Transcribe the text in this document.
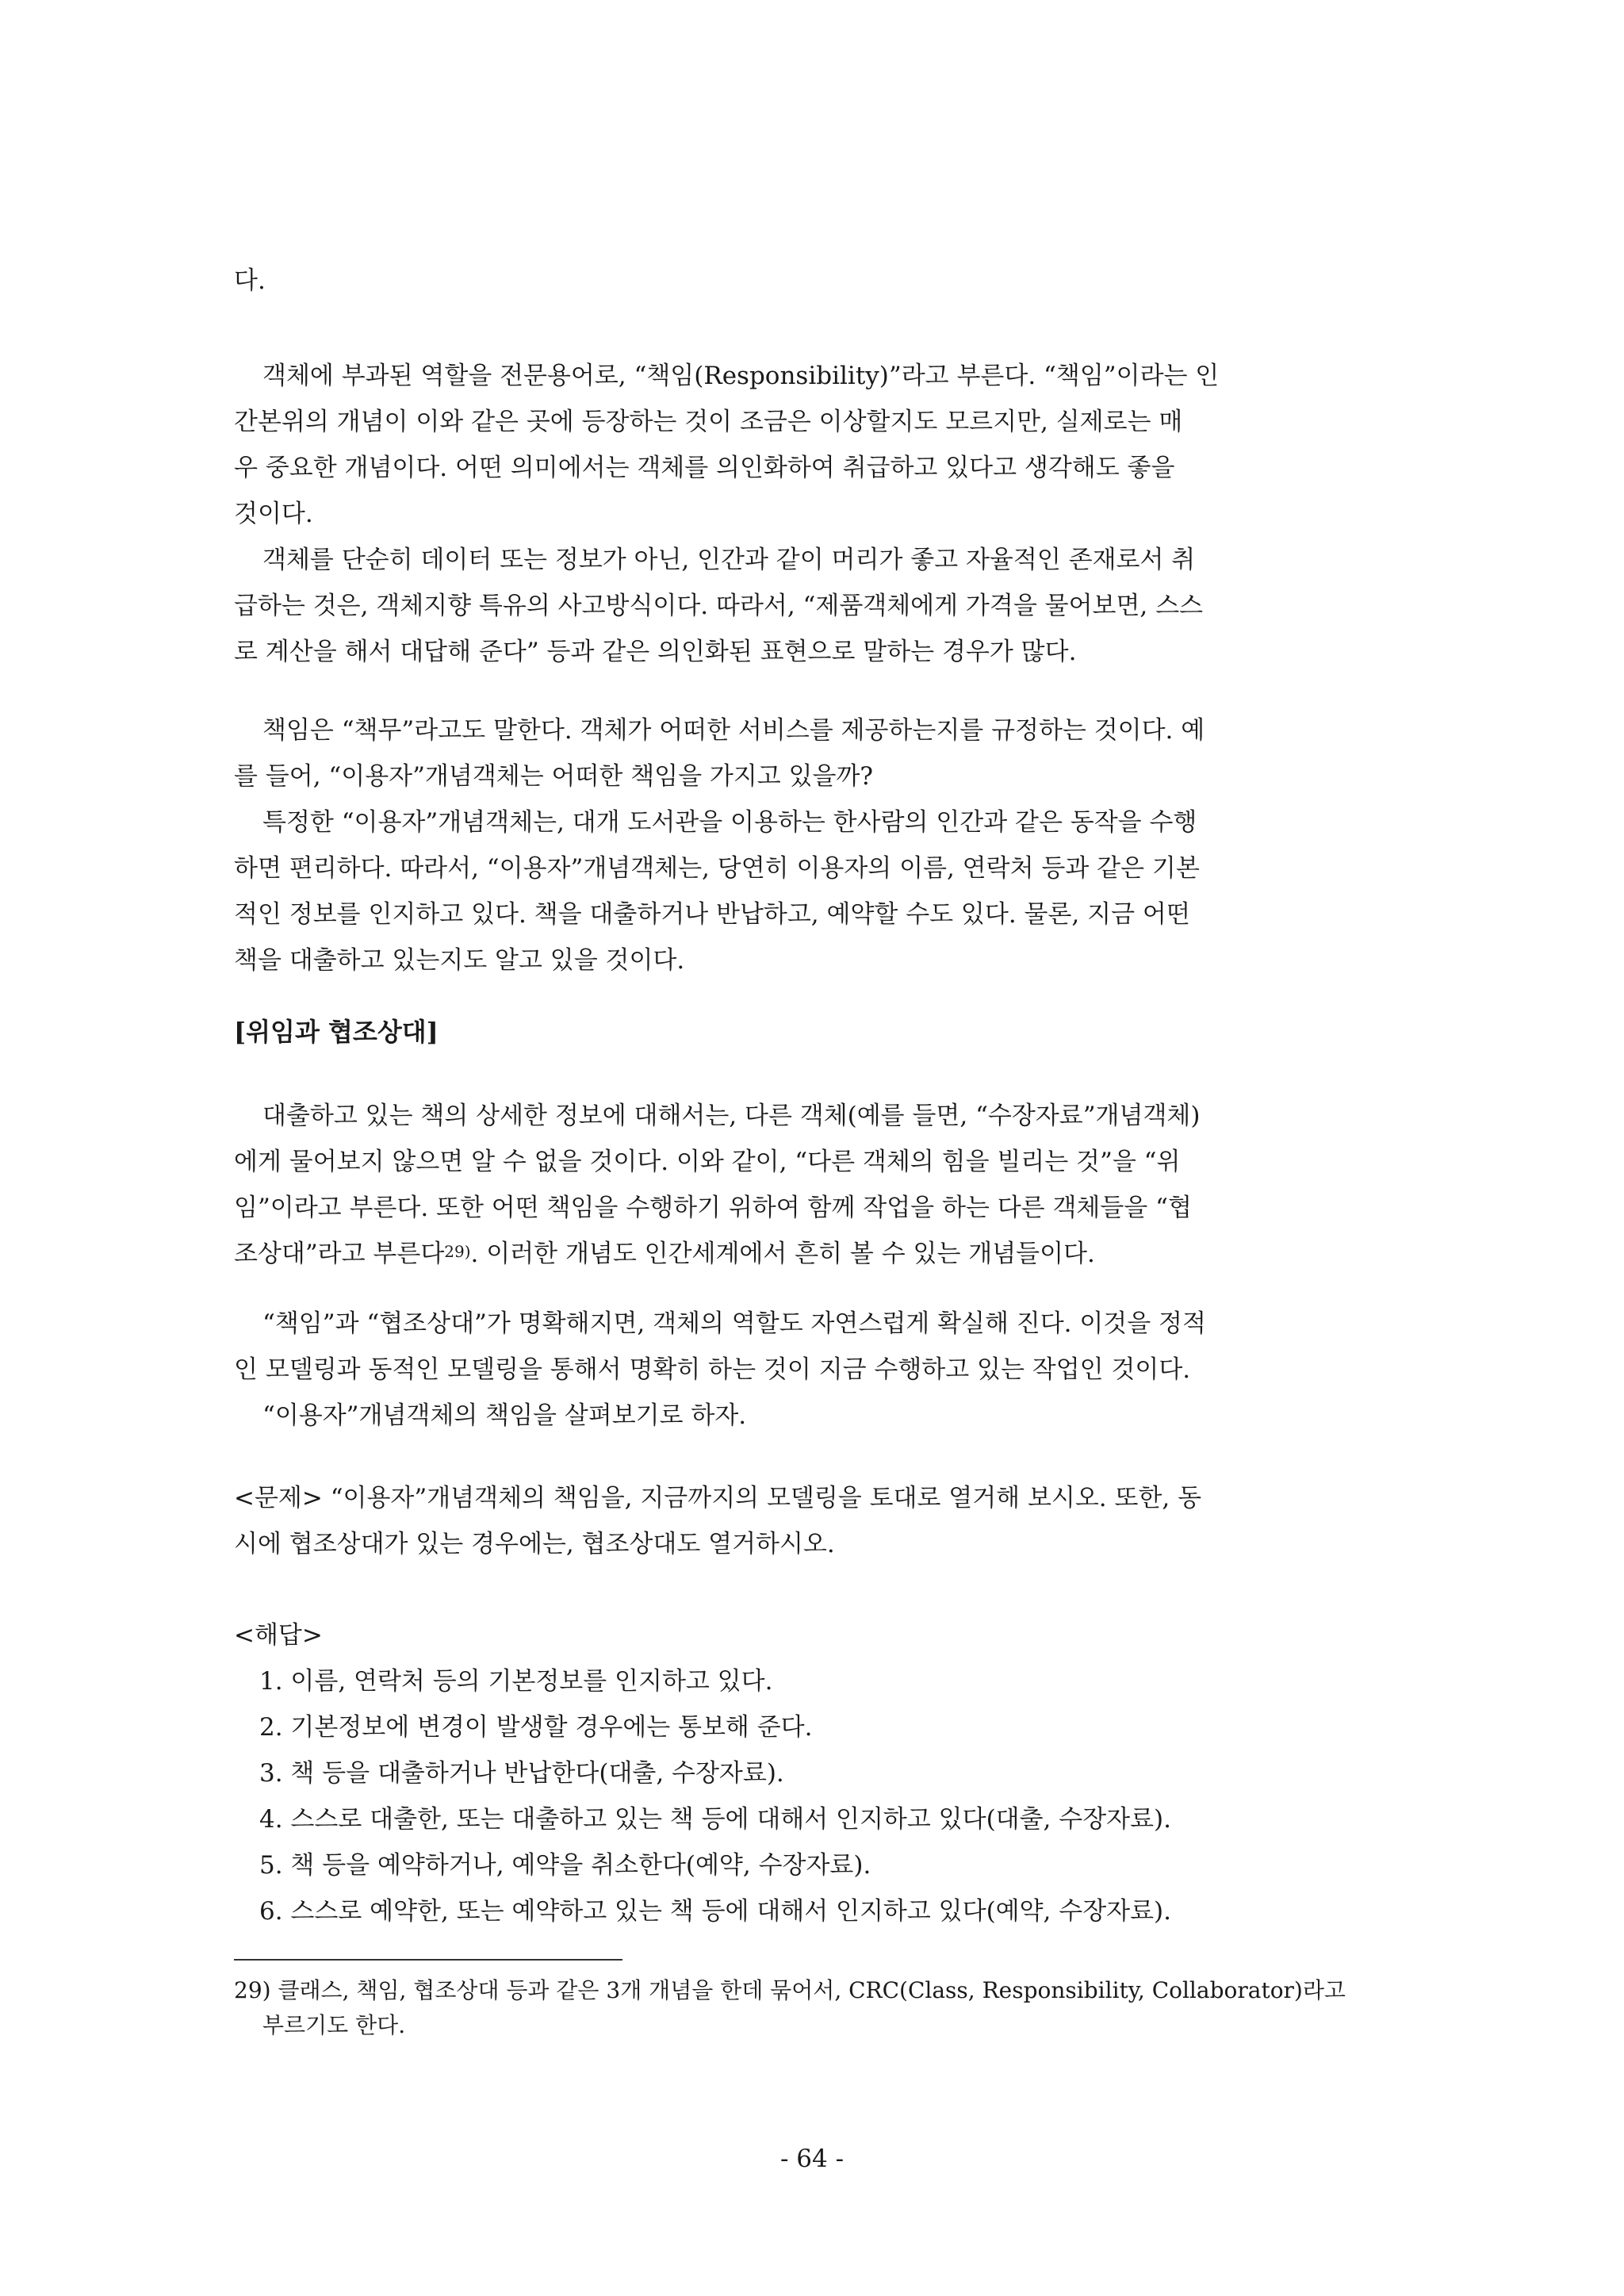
다.

객체에 부과된 역할을 전문용어로, “책임(Responsibility)”라고 부른다. “책임”이라는 인

간본위의 개념이 이와 같은 곳에 등장하는 것이 조금은 이상할지도 모르지만, 실제로는 매

우 중요한 개념이다. 어떤 의미에서는 객체를 의인화하여 취급하고 있다고 생각해도 좋을

것이다.

객체를 단순히 데이터 또는 정보가 아닌, 인간과 같이 머리가 좋고 자율적인 존재로서 취

급하는 것은, 객체지향 특유의 사고방식이다. 따라서, “제품객체에게 가격을 물어보면, 스스

로 계산을 해서 대답해 준다” 등과 같은 의인화된 표현으로 말하는 경우가 많다.

책임은 “책무”라고도 말한다. 객체가 어떠한 서비스를 제공하는지를 규정하는 것이다. 예

를 들어, “이용자”개념객체는 어떠한 책임을 가지고 있을까?

특정한 “이용자”개념객체는, 대개 도서관을 이용하는 한사람의 인간과 같은 동작을 수행

하면 편리하다. 따라서, “이용자”개념객체는, 당연히 이용자의 이름, 연락처 등과 같은 기본

적인 정보를 인지하고 있다. 책을 대출하거나 반납하고, 예약할 수도 있다. 물론, 지금 어떤

책을 대출하고 있는지도 알고 있을 것이다.

[위임과 협조상대]

대출하고 있는 책의 상세한 정보에 대해서는, 다른 객체(예를 들면, “수장자료”개념객체)

에게 물어보지 않으면 알 수 없을 것이다. 이와 같이, “다른 객체의 힘을 빌리는 것”을 “위

임”이라고 부른다. 또한 어떤 책임을 수행하기 위하여 함께 작업을 하는 다른 객체들을 “협

조상대”라고 부른다$^{29)}$. 이러한 개념도 인간세계에서 흔히 볼 수 있는 개념들이다.

“책임”과 “협조상대”가 명확해지면, 객체의 역할도 자연스럽게 확실해 진다. 이것을 정적

인 모델링과 동적인 모델링을 통해서 명확히 하는 것이 지금 수행하고 있는 작업인 것이다.

“이용자”개념객체의 책임을 살펴보기로 하자.

<문제> “이용자”개념객체의 책임을, 지금까지의 모델링을 토대로 열거해 보시오. 또한, 동

시에 협조상대가 있는 경우에는, 협조상대도 열거하시오.

<해답>

1. 이름, 연락처 등의 기본정보를 인지하고 있다.

2. 기본정보에 변경이 발생할 경우에는 통보해 준다.

3. 책 등을 대출하거나 반납한다(대출, 수장자료).

4. 스스로 대출한, 또는 대출하고 있는 책 등에 대해서 인지하고 있다(대출, 수장자료).

5. 책 등을 예약하거나, 예약을 취소한다(예약, 수장자료).

6. 스스로 예약한, 또는 예약하고 있는 책 등에 대해서 인지하고 있다(예약, 수장자료).

29) 클래스, 책임, 협조상대 등과 같은 3개 개념을 한데 묶어서, CRC(Class, Responsibility, Collaborator)라고
부르기도 한다.
- 64 -
